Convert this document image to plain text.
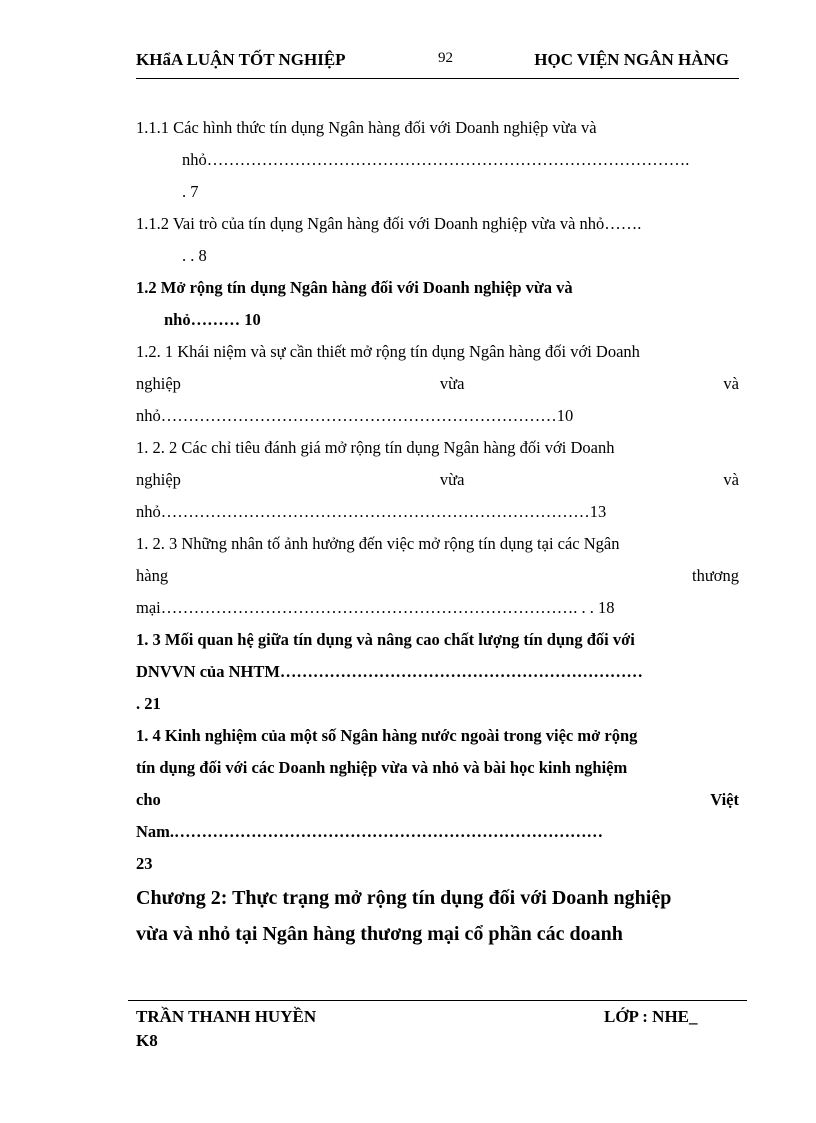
KHẩA LUẬN TỐT NGHIỆP	92	HỌC VIỆN NGÂN HÀNG
1.1.1 Các hình thức tín dụng Ngân hàng đối với Doanh nghiệp vừa và
nhỏ…………………………………………………………………………….
. 7
1.1.2 Vai trò của tín dụng Ngân hàng đối với Doanh nghiệp vừa và nhỏ…….
. . 8
1.2 Mở rộng tín dụng Ngân hàng đối với Doanh nghiệp vừa và
nhỏ……… 10
1.2. 1 Khái niệm và sự cần thiết mở rộng tín dụng Ngân hàng đối với Doanh
nghiệp	vừa	và
nhỏ………………………………………………………………10
1. 2. 2 Các chỉ tiêu đánh giá mở rộng tín dụng Ngân hàng đối với Doanh
nghiệp	vừa	và
nhỏ……………………………………………………………………13
1. 2. 3 Những nhân tố ảnh hưởng đến việc mở rộng tín dụng tại các Ngân
hàng	thương
mại…………………………………………………………………. . . 18
1. 3 Mối quan hệ giữa tín dụng và nâng cao chất lượng tín dụng đối với
DNVVN của NHTM…………………………………………………………
. 21
1. 4 Kinh nghiệm của một số Ngân hàng nước ngoài trong việc mở rộng
tín dụng đối với các Doanh nghiệp vừa và nhỏ và bài học kinh nghiệm
cho	Việt
Nam.……………………………………………………………………
23
Chương 2: Thực trạng mở rộng tín dụng đối với Doanh nghiệp
vừa và nhỏ tại Ngân hàng thương mại cổ phần các doanh
TRẦN THANH HUYỀN	LỚP : NHE_
K8
